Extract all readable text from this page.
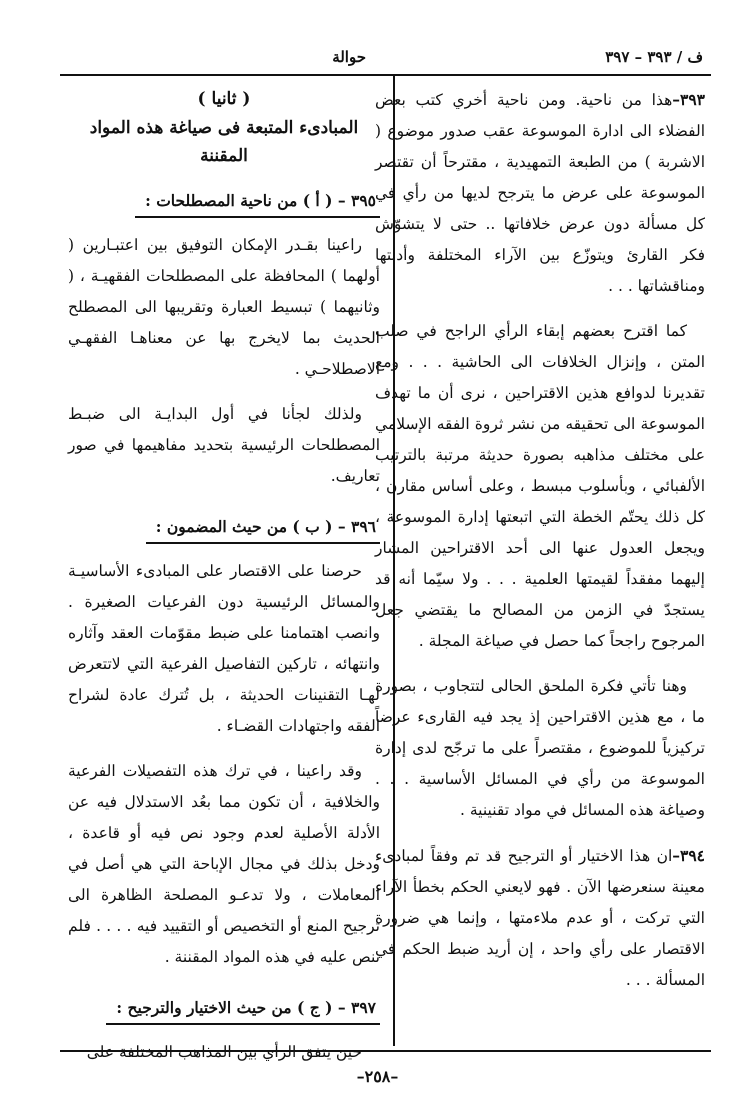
ف / ٣٩٣ – ٣٩٧
حوالة

٣٩٣–هذا من ناحية. ومن ناحية أخري كتب بعض الفضلاء الى ادارة الموسوعة عقب صدور موضوع ( الاشربة ) من الطبعة التمهيدية ، مقترحاً أن تقتصر الموسوعة على عرض ما يترجح لديها من رأي في كل مسألة دون عرض خلافاتها .. حتى لا يتشوّش فكر القارئ ويتوزّع بين الآراء المختلفة وأدلتها ومناقشاتها . . .

كما اقترح بعضهم إبقاء الرأي الراجح في صلب المتن ، وإنزال الخلافات الى الحاشية . . . ومع تقديرنا لدوافع هذين الاقتراحين ، نرى أن ما تهدف الموسوعة الى تحقيقه من نشر ثروة الفقه الإسلامي على مختلف مذاهبه بصورة حديثة مرتبة بالترتيب الألفبائي ، وبأسلوب مبسط ، وعلى أساس مقارن ، كل ذلك يحتّم الخطة التي اتبعتها إدارة الموسوعة ، ويجعل العدول عنها الى أحد الاقتراحين المشار إليهما مفقداً لقيمتها العلمية . . . ولا سيّما أنه قد يستجدّ في الزمن من المصالح ما يقتضي جعل المرجوح راجحاً كما حصل في صياغة المجلة .

وهنا تأتي فكرة الملحق الحالى لتتجاوب ، بصورة ما ، مع هذين الاقتراحين إذ يجد فيه القارىء عرضاً تركيزياً للموضوع ، مقتصراً على ما ترجّح لدى إدارة الموسوعة من رأي في المسائل الأساسية . . . وصياغة هذه المسائل في مواد تقنينية .

٣٩٤–ان هذا الاختيار أو الترجيح قد تم وفقاً لمبادىء معينة سنعرضها الآن . فهو لايعني الحكم بخطأ الآراء التي تركت ، أو عدم ملاءمتها ، وإنما هي ضرورة الاقتصار على رأي واحد ، إن أريد ضبط الحكم في المسألة . . .

( ثانيا )
المبادىء المتبعة فى صياغة هذه المواد المقننة
٣٩٥ – ( أ ) من ناحية المصطلحات :

راعينا بقـدر الإمكان التوفيق بين اعتبـارين ( أولهما ) المحافظة على المصطلحات الفقهيـة ، ( وثانيهما ) تبسيط العبارة وتقريبها الى المصطلح الحديث بما لايخرج بها عن معناهـا الفقهـي الاصطلاحـي .

ولذلك لجأنا في أول البدايـة الى ضبـط المصطلحات الرئيسية بتحديد مفاهيمها في صور تعاريف.

٣٩٦ – ( ب ) من حيث المضمون :

حرصنا على الاقتصار على المبادىء الأساسيـة والمسائل الرئيسية دون الفرعيات الصغيرة . وانصب اهتمامنا على ضبط مقوّمات العقد وآثاره وانتهائه ، تاركين التفاصيل الفرعية التي لاتتعرض لهـا التقنينات الحديثة ، بل تُترك عادة لشراح الفقه واجتهادات القضـاء .

وقد راعينا ، في ترك هذه التفصيلات الفرعية والخلافية ، أن تكون مما بعُد الاستدلال فيه عن الأدلة الأصلية لعدم وجود نص فيه أو قاعدة ، ودخل بذلك في مجال الإباحة التي هي أصل في المعاملات ، ولا تدعـو المصلحة الظاهرة الى ترجيح المنع أو التخصيص أو التقييد فيه . . . . فلم ننص عليه في هذه المواد المقننة .

٣٩٧ – ( ج ) من حيث الاختيار والترجيح :

حين يتفق الرأي بين المذاهب المختلفة على

–٢٥٨–
